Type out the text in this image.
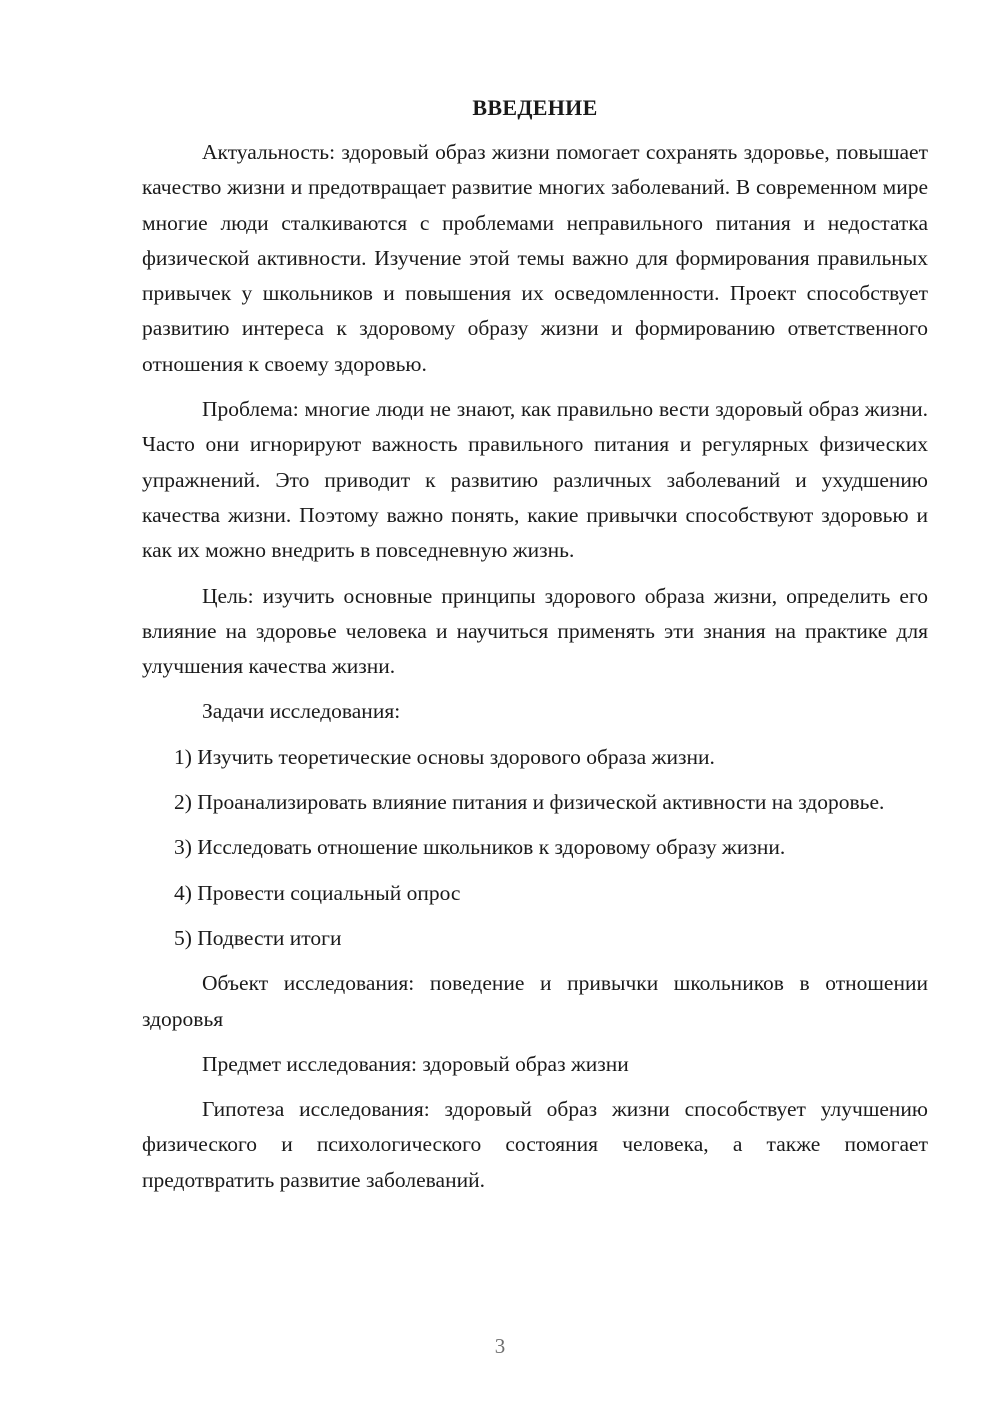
ВВЕДЕНИЕ

Актуальность: здоровый образ жизни помогает сохранять здоровье, повышает качество жизни и предотвращает развитие многих заболеваний. В современном мире многие люди сталкиваются с проблемами неправильного питания и недостатка физической активности. Изучение этой темы важно для формирования правильных привычек у школьников и повышения их осведомленности. Проект способствует развитию интереса к здоровому образу жизни и формированию ответственного отношения к своему здоровью.

Проблема: многие люди не знают, как правильно вести здоровый образ жизни. Часто они игнорируют важность правильного питания и регулярных физических упражнений. Это приводит к развитию различных заболеваний и ухудшению качества жизни. Поэтому важно понять, какие привычки способствуют здоровью и как их можно внедрить в повседневную жизнь.

Цель: изучить основные принципы здорового образа жизни, определить его влияние на здоровье человека и научиться применять эти знания на практике для улучшения качества жизни.

Задачи исследования:

1) Изучить теоретические основы здорового образа жизни.

2) Проанализировать влияние питания и физической активности на здоровье.

3) Исследовать отношение школьников к здоровому образу жизни.

4) Провести социальный опрос

5) Подвести итоги

Объект исследования: поведение и привычки школьников в отношении здоровья

Предмет исследования: здоровый образ жизни

Гипотеза исследования: здоровый образ жизни способствует улучшению физического и психологического состояния человека, а также помогает предотвратить развитие заболеваний.

3
